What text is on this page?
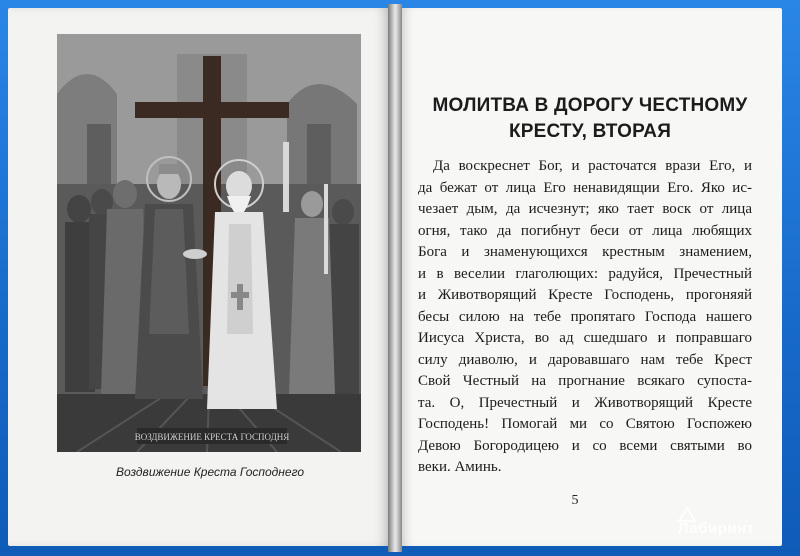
ВОЗДВИЖЕНИЕ КРЕСТА ГОСПОДНЯ
Воздвижение Креста Господнего
МОЛИТВА В ДОРОГУ ЧЕСТНОМУ
КРЕСТУ, ВТОРАЯ
Да воскреснет Бог, и расточатся врази Его, и
да бежат от лица Его ненавидящии Его. Яко ис-
чезает дым, да исчезнут; яко тает воск от лица
огня, тако да погибнут беси от лица любящих
Бога и знаменующихся крестным знамением,
и в веселии глаголющих: радуйся, Пречестный
и Животворящий Кресте Господень, прогоняяй
бесы силою на тебе пропятаго Господа нашего
Иисуса Христа, во ад сшедшаго и поправшаго
силу диаволю, и даровавшаго нам тебе Крест
Свой Честный на прогнание всякаго супоста-
та. О, Пречестный и Животворящий Кресте
Господень! Помогай ми со Святою Госпожею
Девою Богородицею и со всеми святыми во
веки. Аминь.
5
Лабиринт
